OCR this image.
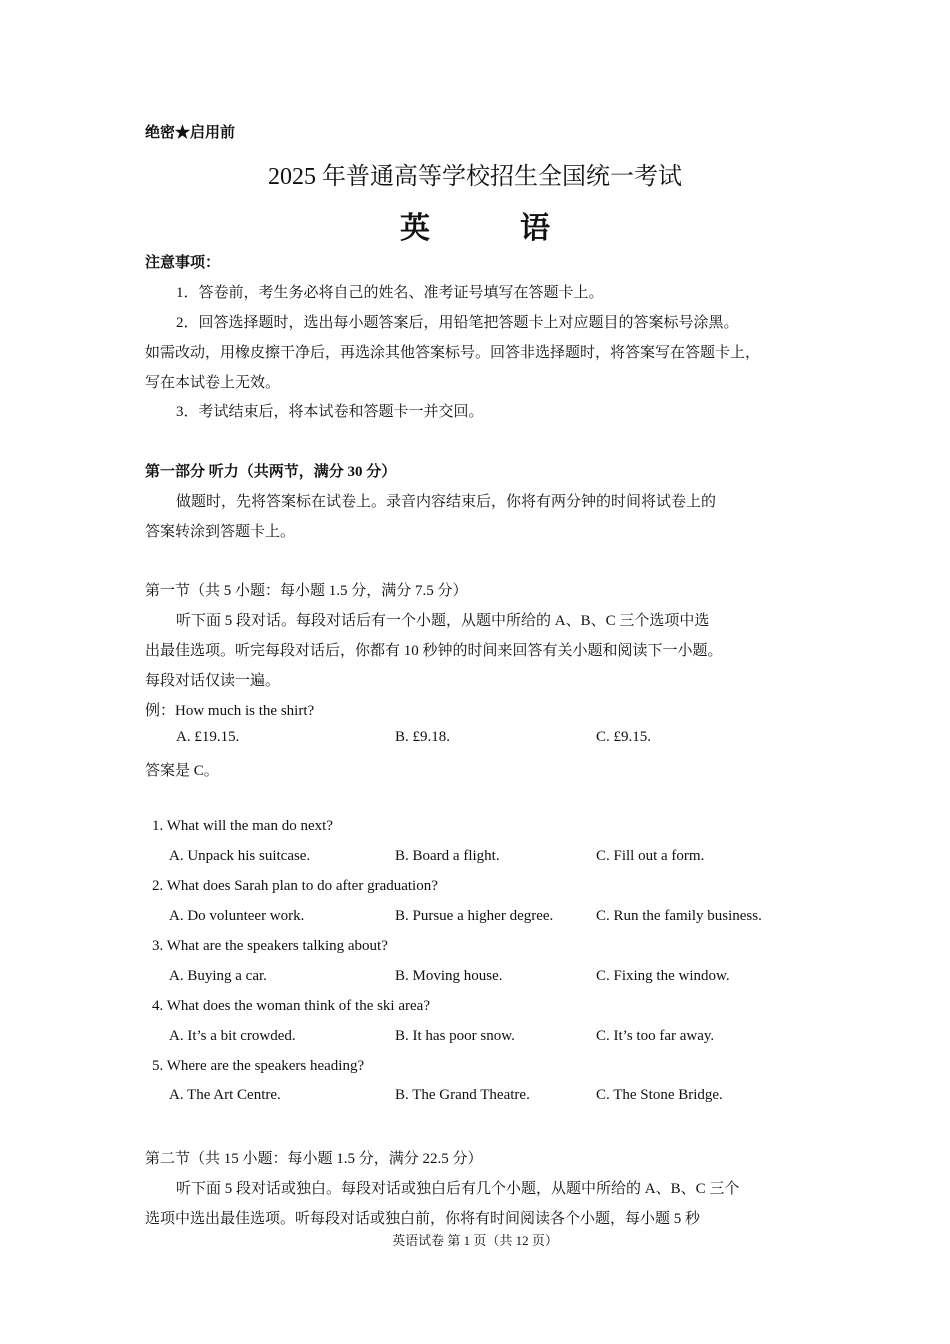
绝密★启用前
2025 年普通高等学校招生全国统一考试
英　语
注意事项：
1．答卷前，考生务必将自己的姓名、准考证号填写在答题卡上。
2．回答选择题时，选出每小题答案后，用铅笔把答题卡上对应题目的答案标号涂黑。
如需改动，用橡皮擦干净后，再选涂其他答案标号。回答非选择题时，将答案写在答题卡上，
写在本试卷上无效。
3．考试结束后，将本试卷和答题卡一并交回。
第一部分 听力（共两节，满分 30 分）
做题时，先将答案标在试卷上。录音内容结束后，你将有两分钟的时间将试卷上的
答案转涂到答题卡上。
第一节（共 5 小题：每小题 1.5 分，满分 7.5 分）
听下面 5 段对话。每段对话后有一个小题，从题中所给的 A、B、C 三个选项中选
出最佳选项。听完每段对话后，你都有 10 秒钟的时间来回答有关小题和阅读下一小题。
每段对话仅读一遍。
例：How much is the shirt?
A. £19.15.	B. £9.18.	C. £9.15.
答案是 C。
1. What will the man do next?
A. Unpack his suitcase.	B. Board a flight.	C. Fill out a form.
2. What does Sarah plan to do after graduation?
A. Do volunteer work.	B. Pursue a higher degree.	C. Run the family business.
3. What are the speakers talking about?
A. Buying a car.	B. Moving house.	C. Fixing the window.
4. What does the woman think of the ski area?
A. It’s a bit crowded.	B. It has poor snow.	C. It’s too far away.
5. Where are the speakers heading?
A. The Art Centre.	B. The Grand Theatre.	C. The Stone Bridge.
第二节（共 15 小题：每小题 1.5 分，满分 22.5 分）
听下面 5 段对话或独白。每段对话或独白后有几个小题，从题中所给的 A、B、C 三个
选项中选出最佳选项。听每段对话或独白前，你将有时间阅读各个小题，每小题 5 秒
英语试卷 第 1 页（共 12 页）
